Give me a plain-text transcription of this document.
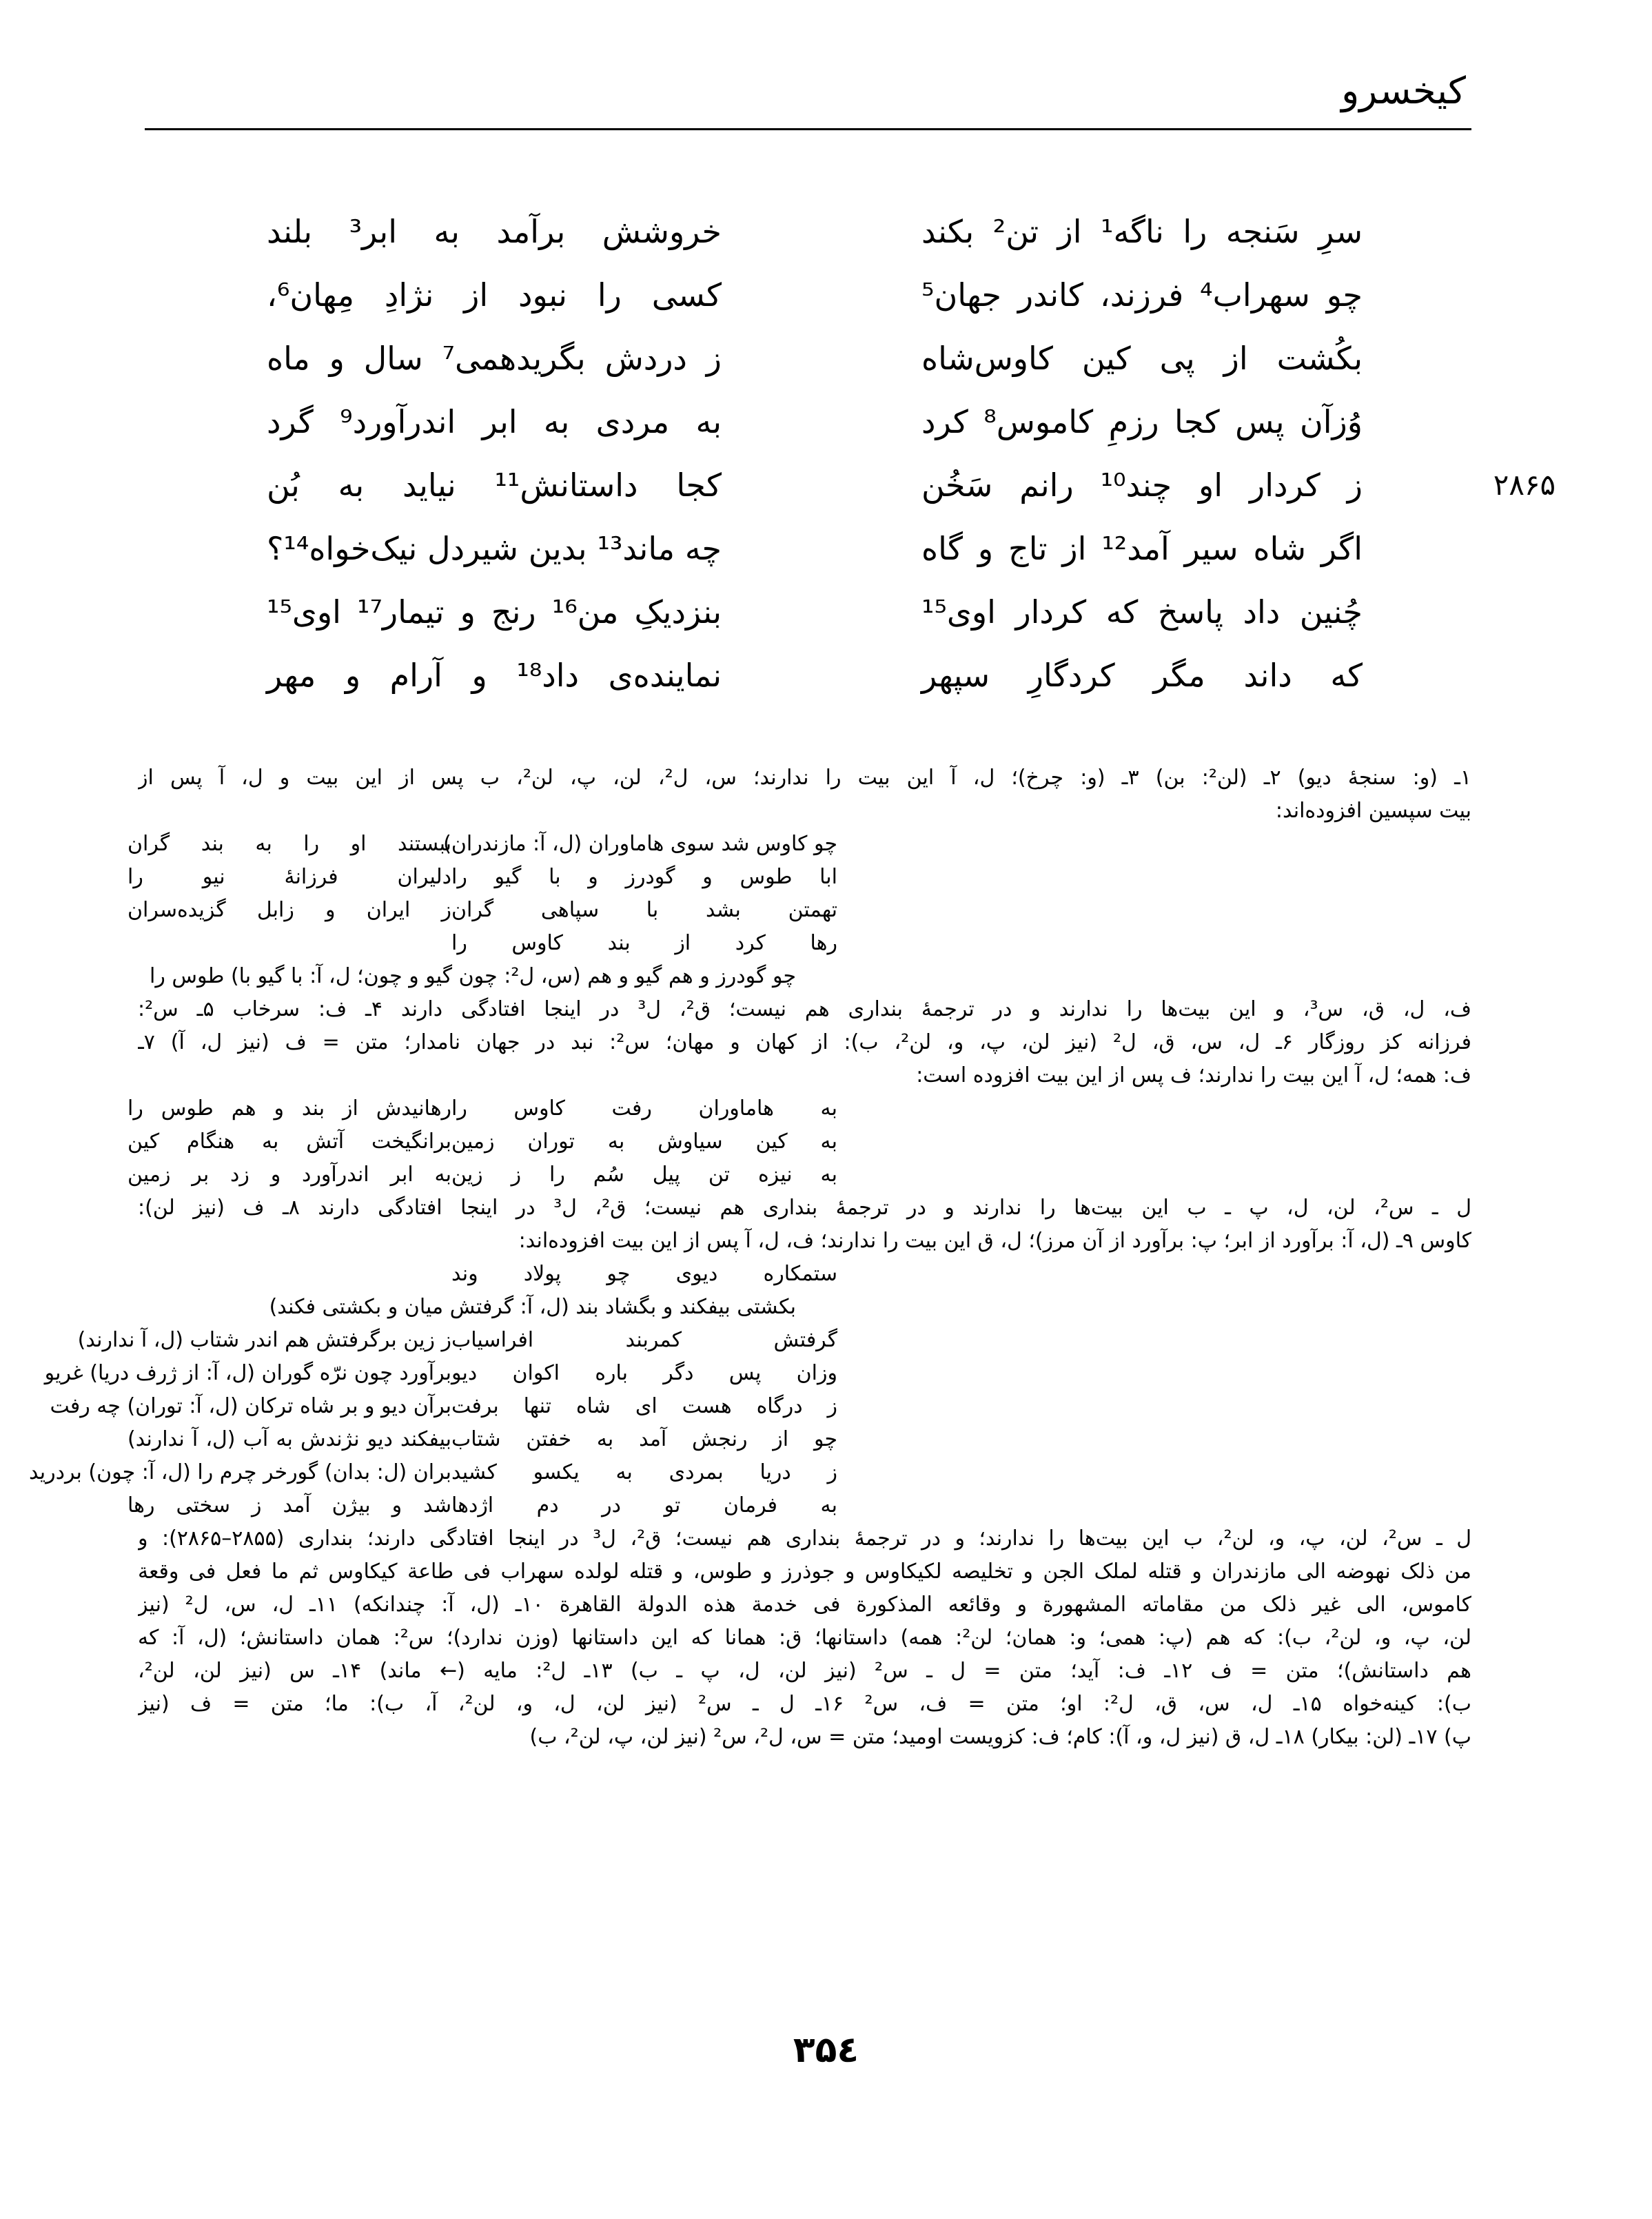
کیخسرو
سرِ سَنجه را ناگه¹ از تن² بکند
خروشش برآمد به ابر³ بلند
چو سهراب⁴ فرزند، کاندر جهان⁵
کسی را نبود از نژادِ مِهان⁶،
بکُشت از پی کین کاوس‌شاه
ز دردش بگریدهمی⁷ سال و ماه
وُزآن پس کجا رزمِ کاموس⁸ کرد
به مردی به ابر اندرآورد⁹ گرد
۲۸۶۵
ز کردار او چند¹⁰ رانم سَخُن
کجا داستانش¹¹ نیاید به بُن
اگر شاه سیر آمد¹² از تاج و گاه
چه ماند¹³ بدین شیردل نیک‌خواه¹⁴؟
چُنین داد پاسخ که کردار اوی¹⁵
بنزدیکِ من¹⁶ رنج و تیمار¹⁷ اوی¹⁵
که داند مگر کردگارِ سپهر
نماینده‌ی داد¹⁸ و آرام و مهر
۱ـ (و: سنجهٔ دیو) ۲ـ (لن²: بن) ۳ـ (و: چرخ)؛ ل، آ این بیت را ندارند؛ س، ل²، لن، پ، لن²، ب پس از این بیت و ل، آ پس از
بیت سپسین افزوده‌اند:
چو کاوس شد سوی هاماوران (ل، آ: مازندران)
ببستند او را به بند گران
ابا طوس و گودرز و با گیو را
دلیران فرزانهٔ نیو را
تهمتن بشد با سپاهی گران
ز ایران و زابل گزیده‌سران
رها کرد از بند کاوس را
چو گودرز و هم گیو و هم (س، ل²: چون گیو و چون؛ ل، آ: با گیو با) طوس را
ف، ل، ق، س³، و این بیت‌ها را ندارند و در ترجمهٔ بنداری هم نیست؛ ق²، ل³ در اینجا افتادگی دارند ۴ـ ف: سرخاب ۵ـ س²:
فرزانه کز روزگار ۶ـ ل، س، ق، ل² (نیز لن، پ، و، لن²، ب): از کهان و مهان؛ س²: نبد در جهان نامدار؛ متن = ف (نیز ل، آ) ۷ـ
ف: همه؛ ل، آ این بیت را ندارند؛ ف پس از این بیت افزوده است:
به هاماوران رفت کاوس را
رهانیدش از بند و هم طوس را
به کین سیاوش به توران زمین
برانگیخت آتش به هنگام کین
به نیزه تن پیل سُم را ز زین
به ابر اندرآورد و زد بر زمین
ل ـ س²، لن، ل، پ ـ ب این بیت‌ها را ندارند و در ترجمهٔ بنداری هم نیست؛ ق²، ل³ در اینجا افتادگی دارند ۸ـ ف (نیز لن):
کاوس ۹ـ (ل، آ: برآورد از ابر؛ پ: برآورد از آن مرز)؛ ل، ق این بیت را ندارند؛ ف، ل، آ پس از این بیت افزوده‌اند:
ستمکاره دیوی چو پولاد وند
بکشتی بیفکند و بگشاد بند (ل، آ: گرفتش میان و بکشتی فکند)
گرفتش کمربند افراسیاب
ز زین برگرفتش هم اندر شتاب (ل، آ ندارند)
وزان پس دگر باره اکوان دیو
برآورد چون نرّه گوران (ل، آ: از ژرف دریا) غریو
ز درگاه هست ای شاه تنها برفت
برآن دیو و بر شاه ترکان (ل، آ: توران) چه رفت
چو از رنجش آمد به خفتن شتاب
بیفکند دیو نژندش به آب (ل، آ ندارند)
ز دریا بمردی به یکسو کشید
بران (ل: بدان) گورخر چرم را (ل، آ: چون) بردرید
به فرمان تو در دم اژدها
شد و بیژن آمد ز سختی رها
ل ـ س²، لن، پ، و، لن²، ب این بیت‌ها را ندارند؛ و در ترجمهٔ بنداری هم نیست؛ ق²، ل³ در اینجا افتادگی دارند؛ بنداری (۲۸۵۵–۲۸۶۵): و
من ذلک نهوضه الی مازندران و قتله لملک الجن و تخلیصه لکیکاوس و جوذرز و طوس، و قتله لولده سهراب فی طاعة کیکاوس ثم ما فعل فی وقعة
کاموس، الی غیر ذلک من مقاماته المشهورة و وقائعه المذکورة فی خدمة هذه الدولة القاهرة ۱۰ـ (ل، آ: چندانکه) ۱۱ـ ل، س، ل² (نیز
لن، پ، و، لن²، ب): که هم (پ: همی؛ و: همان؛ لن²: همه) داستانها؛ ق: همانا که این داستانها (وزن ندارد)؛ س²: همان داستانش؛ (ل، آ: که
هم داستانش)؛ متن = ف ۱۲ـ ف: آید؛ متن = ل ـ س² (نیز لن، ل، پ ـ ب) ۱۳ـ ل²: مایه (← ماند) ۱۴ـ س (نیز لن، لن²،
ب): کینه‌خواه ۱۵ـ ل، س، ق، ل²: او؛ متن = ف، س² ۱۶ـ ل ـ س² (نیز لن، ل، و، لن²، آ، ب): ما؛ متن = ف (نیز
پ) ۱۷ـ (لن: بیکار) ۱۸ـ ل، ق (نیز ل، و، آ): کام؛ ف: کزویست اومید؛ متن = س، ل²، س² (نیز لن، پ، لن²، ب)
۳۵٤
